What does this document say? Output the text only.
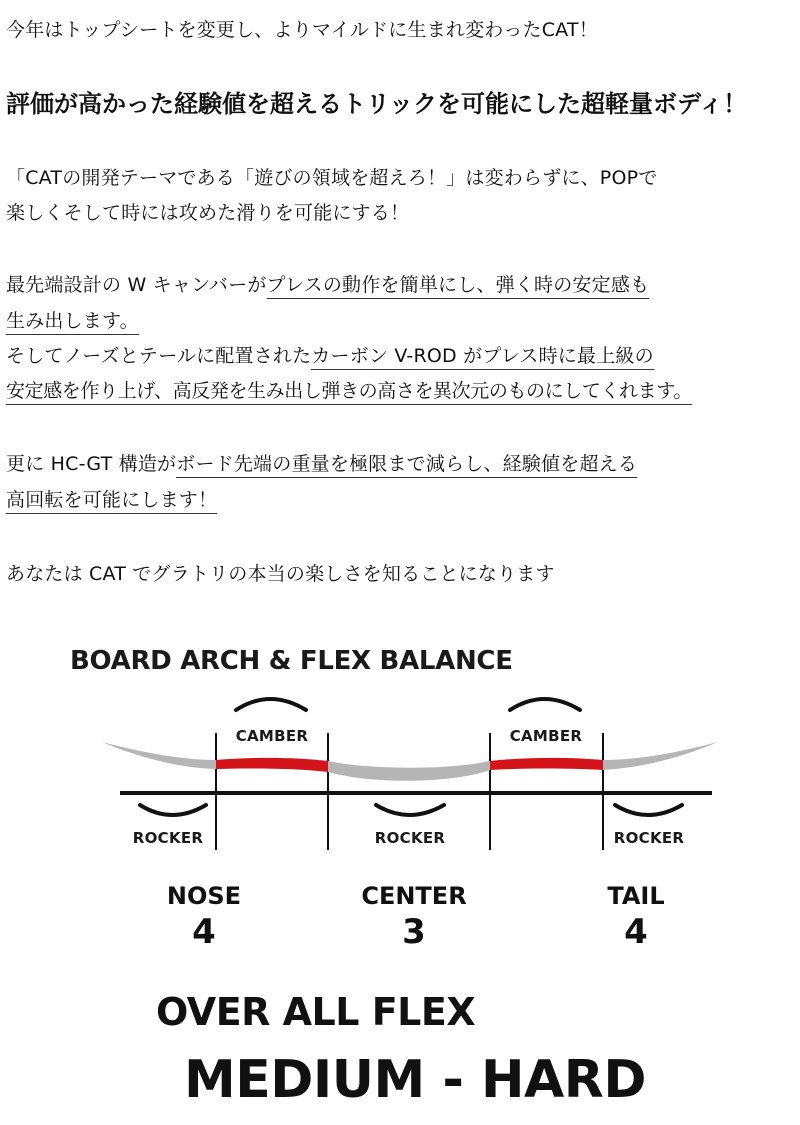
今年はトップシートを変更し、よりマイルドに生まれ変わったCAT！
評価が高かった経験値を超えるトリックを可能にした超軽量ボディ！
「CATの開発テーマである「遊びの領域を超えろ！」は変わらずに、POPで
楽しくそして時には攻めた滑りを可能にする！
最先端設計の W キャンバーがプレスの動作を簡単にし、弾く時の安定感も
生み出します。
そしてノーズとテールに配置されたカーボン V-ROD がプレス時に最上級の
安定感を作り上げ、高反発を生み出し弾きの高さを異次元のものにしてくれます。
更に HC-GT 構造がボード先端の重量を極限まで減らし、経験値を超える
高回転を可能にします！
あなたは CAT でグラトリの本当の楽しさを知ることになります
BOARD ARCH & FLEX BALANCE
CAMBER	CAMBER
ROCKER	ROCKER	ROCKER
NOSE
4
CENTER
3
TAIL
4
OVER ALL FLEX
MEDIUM - HARD
